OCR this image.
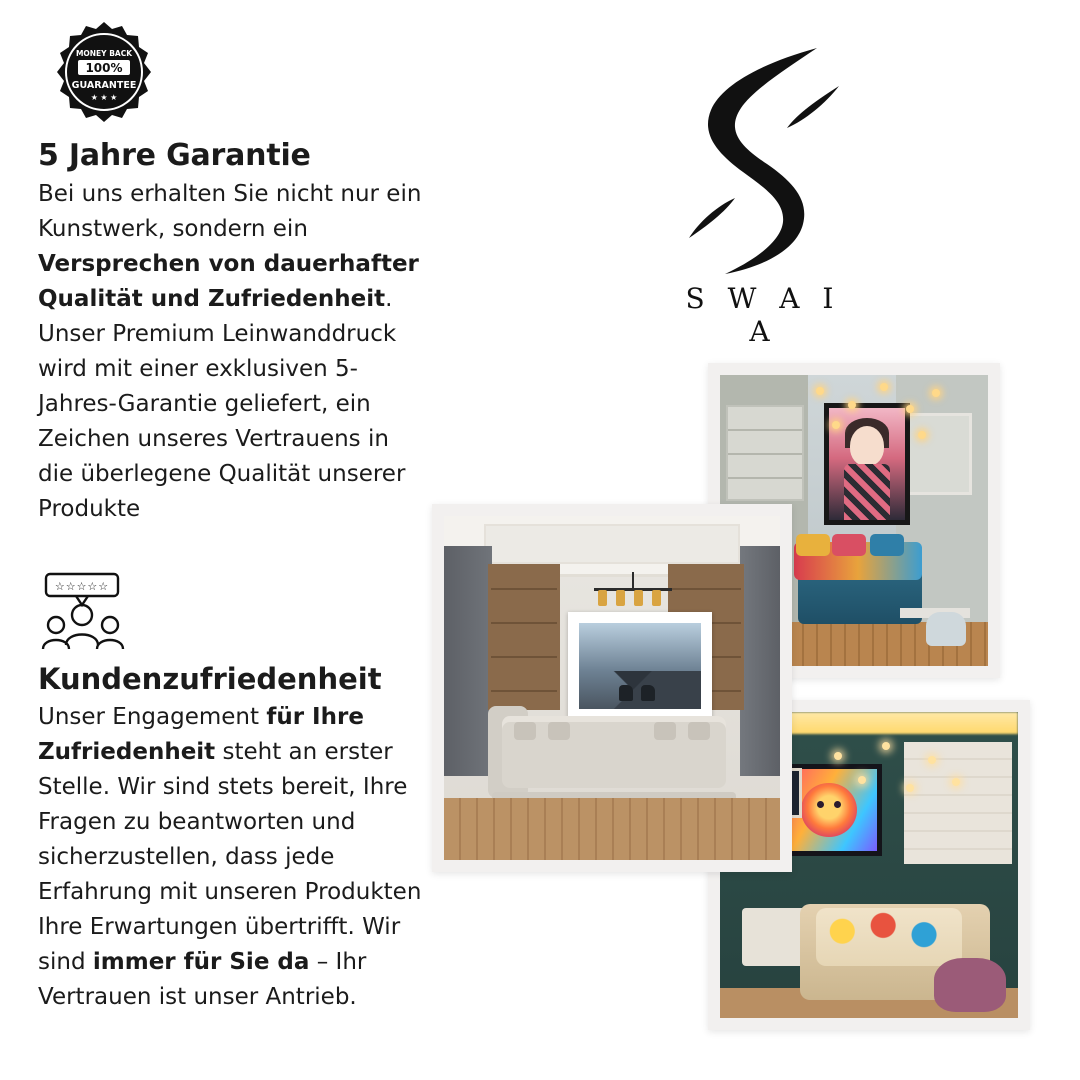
MONEY BACK
100%
GUARANTEE
★ ★ ★
5 Jahre Garantie

Bei uns erhalten Sie nicht nur ein Kunstwerk, sondern ein Versprechen von dauerhafter Qualität und Zufriedenheit. Unser Premium Leinwanddruck wird mit einer exklusiven 5-Jahres-Garantie geliefert, ein Zeichen unseres Vertrauens in die überlegene Qualität unserer Produkte

☆☆☆☆☆
Kundenzufriedenheit

Unser Engagement für Ihre Zufriedenheit steht an erster Stelle. Wir sind stets bereit, Ihre Fragen zu beantworten und sicherzustellen, dass jede Erfahrung mit unseren Produkten Ihre Erwartungen übertrifft. Wir sind immer für Sie da – Ihr Vertrauen ist unser Antrieb.

S W A I A
